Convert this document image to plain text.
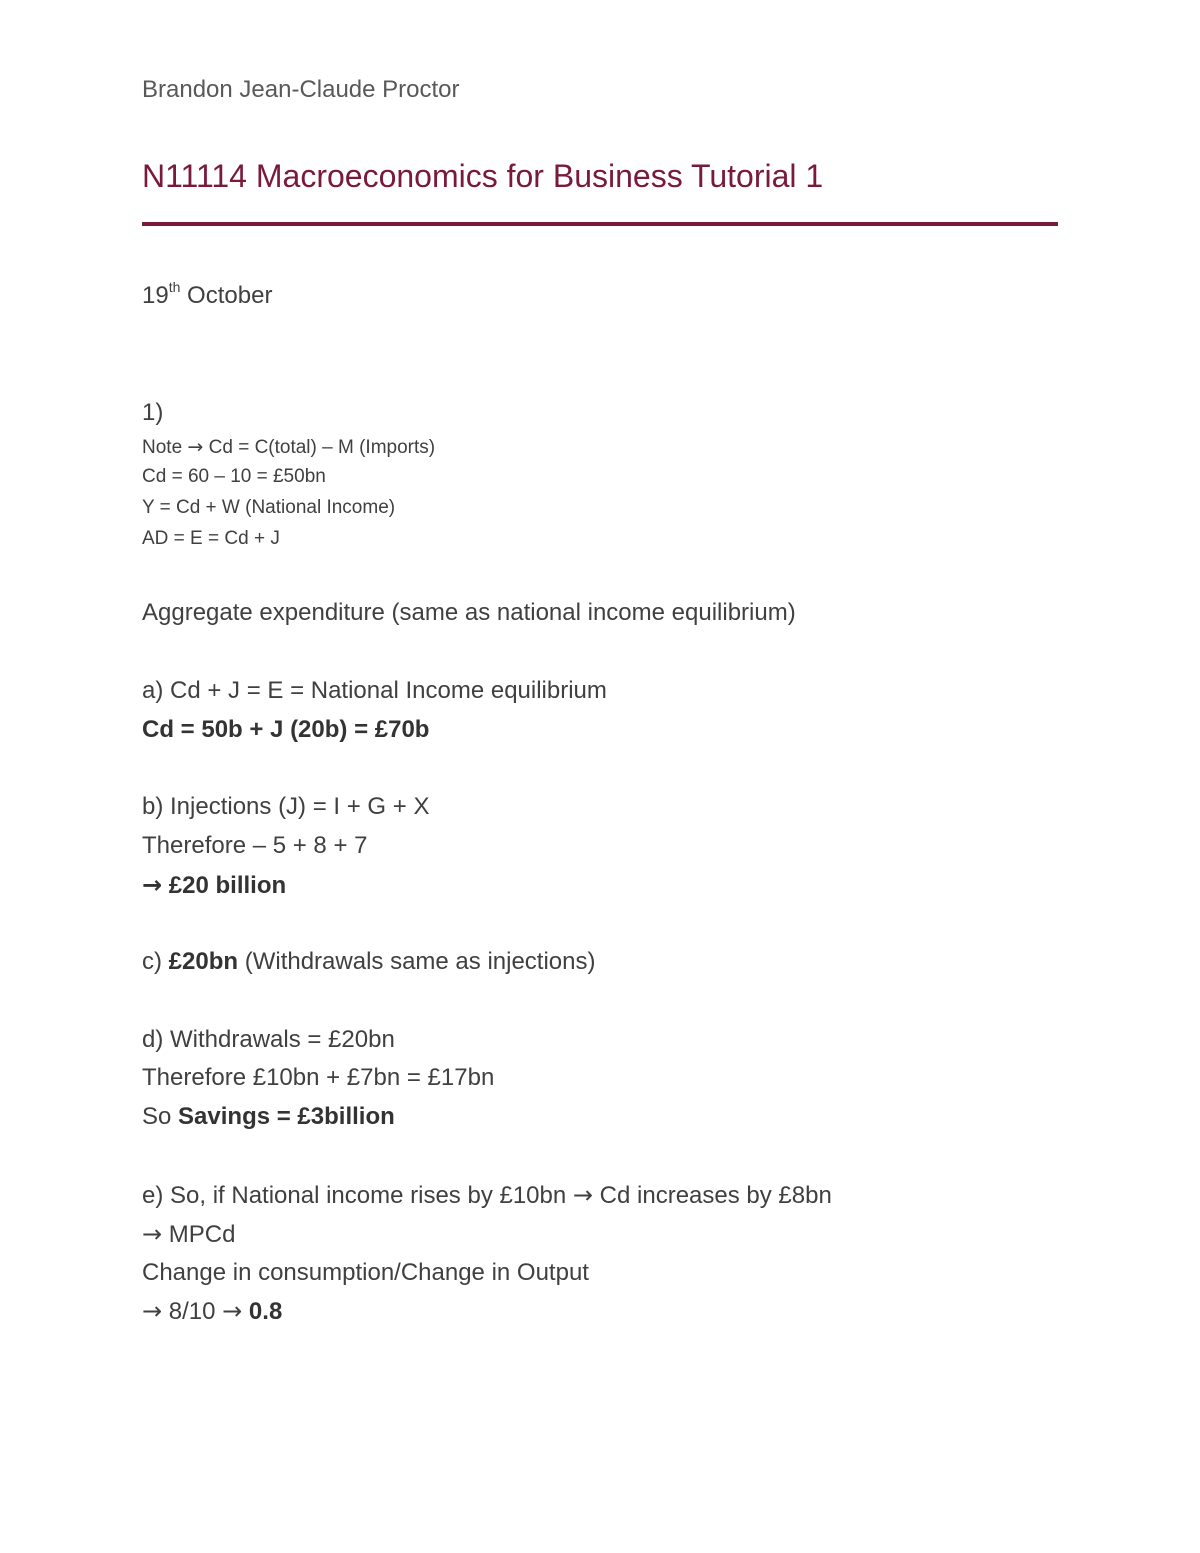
Brandon Jean-Claude Proctor

N11114 Macroeconomics for Business Tutorial 1

19th October

1)

Note → Cd = C(total) – M (Imports)

Cd = 60 – 10 = £50bn

Y = Cd + W (National Income)

AD = E = Cd + J

Aggregate expenditure (same as national income equilibrium)

a) Cd + J = E = National Income equilibrium

Cd = 50b + J (20b) = £70b

b) Injections (J) = I + G + X

Therefore – 5 + 8 + 7

→ £20 billion

c) £20bn (Withdrawals same as injections)

d) Withdrawals = £20bn

Therefore £10bn + £7bn = £17bn

So Savings = £3billion

e) So, if National income rises by £10bn → Cd increases by £8bn

→ MPCd

Change in consumption/Change in Output

→ 8/10 → 0.8
